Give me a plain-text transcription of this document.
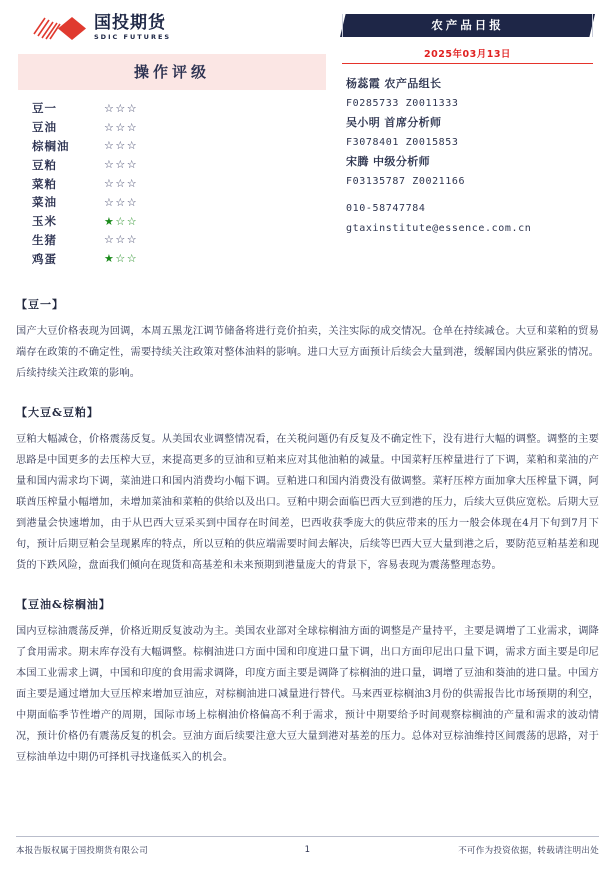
国投期货
SDIC FUTURES
操作评级
豆一	☆☆☆
豆油	☆☆☆
棕榈油	☆☆☆
豆粕	☆☆☆
菜粕	☆☆☆
菜油	☆☆☆
玉米	★☆☆
生猪	☆☆☆
鸡蛋	★☆☆
农产品日报
2025年03月13日
杨蕊霞 农产品组长
F0285733 Z0011333
吴小明 首席分析师
F3078401 Z0015853
宋腾 中级分析师
F03135787 Z0021166
010-58747784
gtaxinstitute@essence.com.cn
【豆一】
国产大豆价格表现为回调，本周五黑龙江调节储备将进行竞价拍卖，关注实际的成交情况。仓单在持续减仓。大豆和菜粕的贸易端存在政策的不确定性，需要持续关注政策对整体油料的影响。进口大豆方面预计后续会大量到港，缓解国内供应紧张的情况。后续持续关注政策的影响。
【大豆&豆粕】
豆粕大幅减仓，价格震荡反复。从美国农业调整情况看，在关税问题仍有反复及不确定性下，没有进行大幅的调整。调整的主要思路是中国更多的去压榨大豆，来提高更多的豆油和豆粕来应对其他油粕的减量。中国菜籽压榨量进行了下调，菜粕和菜油的产量和国内需求均下调，菜油进口和国内消费均小幅下调。豆粕进口和国内消费没有做调整。菜籽压榨方面加拿大压榨量下调，阿联酋压榨量小幅增加，未增加菜油和菜粕的供给以及出口。豆粕中期会面临巴西大豆到港的压力，后续大豆供应宽松。后期大豆到港量会快速增加，由于从巴西大豆采买到中国存在时间差，巴西收获季庞大的供应带来的压力一般会体现在4月下旬到7月下旬，预计后期豆粕会呈现累库的特点，所以豆粕的供应端需要时间去解决，后续等巴西大豆大量到港之后，要防范豆粕基差和现货的下跌风险，盘面我们倾向在现货和高基差和未来预期到港量庞大的背景下，容易表现为震荡整理态势。
【豆油&棕榈油】
国内豆棕油震荡反弹，价格近期反复波动为主。美国农业部对全球棕榈油方面的调整是产量持平，主要是调增了工业需求，调降了食用需求。期末库存没有大幅调整。棕榈油进口方面中国和印度进口量下调，出口方面印尼出口量下调，需求方面主要是印尼本国工业需求上调，中国和印度的食用需求调降，印度方面主要是调降了棕榈油的进口量，调增了豆油和葵油的进口量。中国方面主要是通过增加大豆压榨来增加豆油应，对棕榈油进口减量进行替代。马来西亚棕榈油3月份的供需报告比市场预期的利空，中期面临季节性增产的周期，国际市场上棕榈油价格偏高不利于需求，预计中期要给予时间观察棕榈油的产量和需求的波动情况，预计价格仍有震荡反复的机会。豆油方面后续要注意大豆大量到港对基差的压力。总体对豆棕油维持区间震荡的思路，对于豆棕油单边中期仍可择机寻找逢低买入的机会。
本报告版权属于国投期货有限公司	1	不可作为投资依据，转载请注明出处
